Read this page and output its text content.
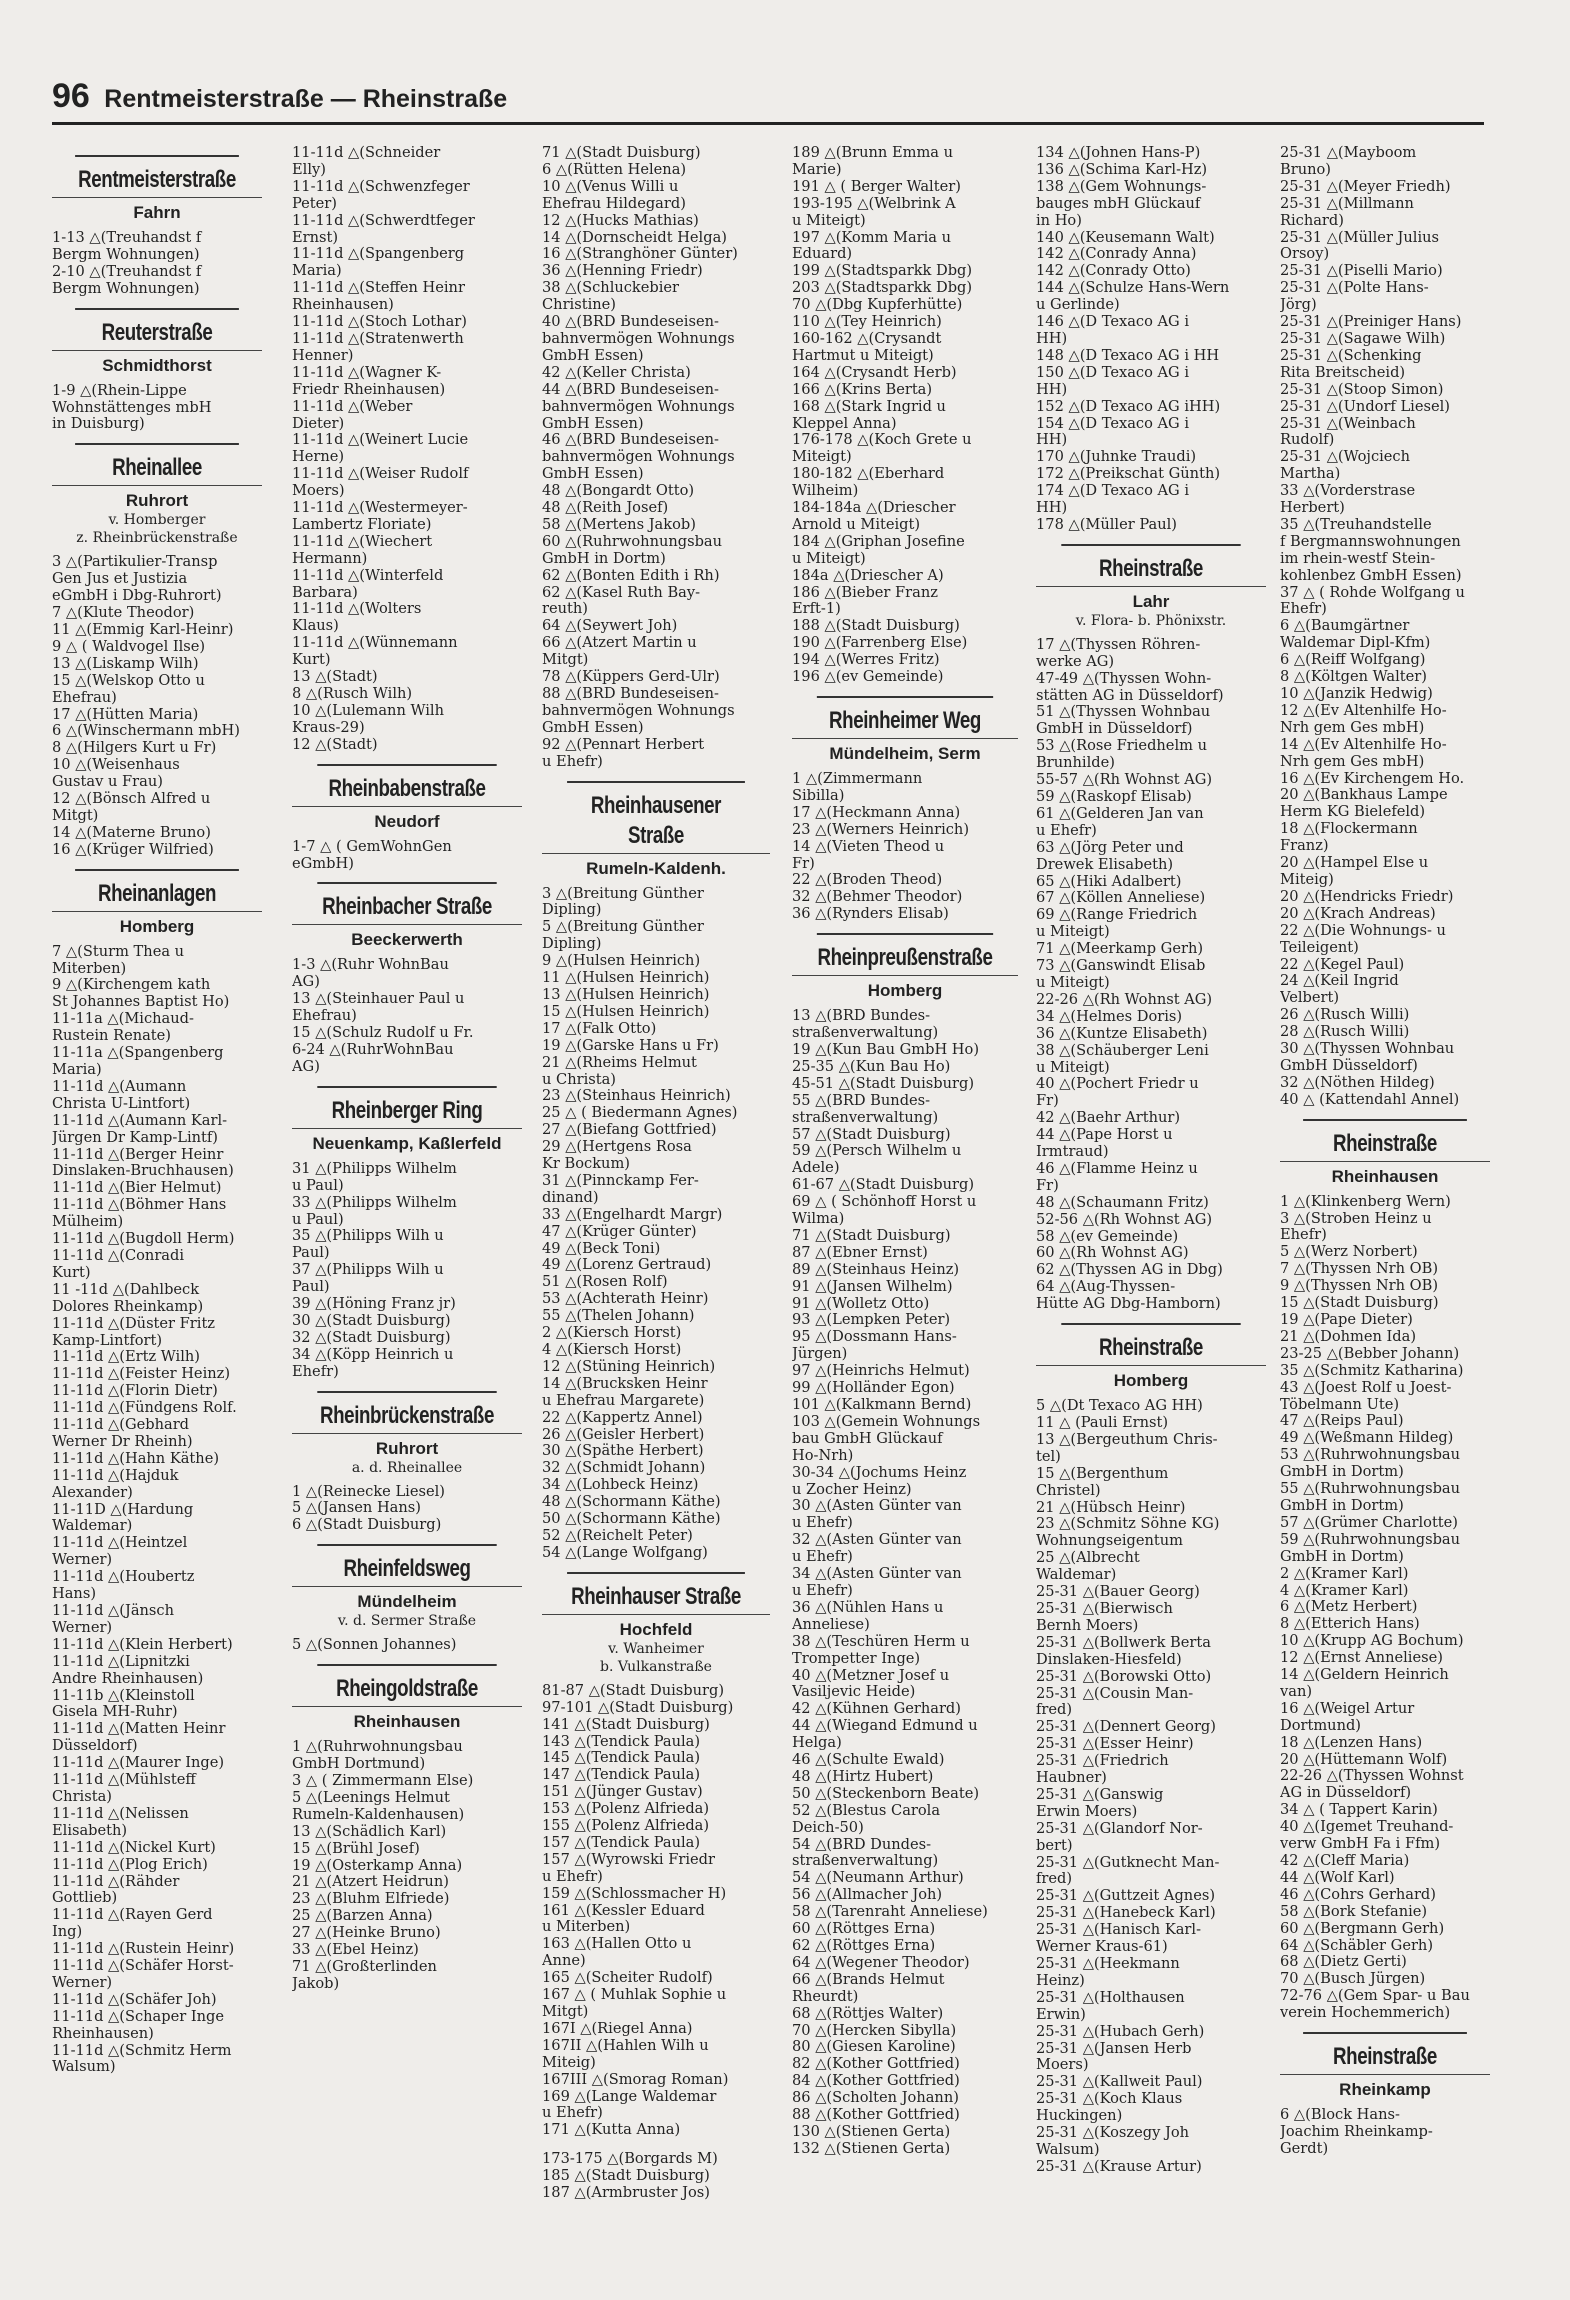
96 Rentmeisterstraße — Rheinstraße
Rentmeisterstraße
Fahrn
1-13 △(Treuhandst f
Bergm Wohnungen)
2-10 △(Treuhandst f
Bergm Wohnungen)
Reuterstraße
Schmidthorst
1-9 △(Rhein-Lippe
Wohnstättenges mbH
in Duisburg)
Rheinallee
Ruhrort
v. Homberger
z. Rheinbrückenstraße
3 △(Partikulier-Transp
Gen Jus et Justizia
eGmbH i Dbg-Ruhrort)
7 △(Klute Theodor)
11 △(Emmig Karl-Heinr)
9 △ ( Waldvogel Ilse)
13 △(Liskamp Wilh)
15 △(Welskop Otto u
Ehefrau)
17 △(Hütten Maria)
6 △(Winschermann mbH)
8 △(Hilgers Kurt u Fr)
10 △(Weisenhaus
Gustav u Frau)
12 △(Bönsch Alfred u
Mitgt)
14 △(Materne Bruno)
16 △(Krüger Wilfried)
Rheinanlagen
Homberg
7 △(Sturm Thea u
Miterben)
9 △(Kirchengem kath
St Johannes Baptist Ho)
11-11a △(Michaud-
Rustein Renate)
11-11a △(Spangenberg
Maria)
11-11d △(Aumann
Christa U-Lintfort)
11-11d △(Aumann Karl-
Jürgen Dr Kamp-Lintf)
11-11d △(Berger Heinr
Dinslaken-Bruchhausen)
11-11d △(Bier Helmut)
11-11d △(Böhmer Hans
Mülheim)
11-11d △(Bugdoll Herm)
11-11d △(Conradi
Kurt)
11 -11d △(Dahlbeck
Dolores Rheinkamp)
11-11d △(Düster Fritz
Kamp-Lintfort)
11-11d △(Ertz Wilh)
11-11d △(Feister Heinz)
11-11d △(Florin Dietr)
11-11d △(Fündgens Rolf.
11-11d △(Gebhard
Werner Dr Rheinh)
11-11d △(Hahn Käthe)
11-11d △(Hajduk
Alexander)
11-11D △(Hardung
Waldemar)
11-11d △(Heintzel
Werner)
11-11d △(Houbertz
Hans)
11-11d △(Jänsch
Werner)
11-11d △(Klein Herbert)
11-11d △(Lipnitzki
Andre Rheinhausen)
11-11b △(Kleinstoll
Gisela MH-Ruhr)
11-11d △(Matten Heinr
Düsseldorf)
11-11d △(Maurer Inge)
11-11d △(Mühlsteff
Christa)
11-11d △(Nelissen
Elisabeth)
11-11d △(Nickel Kurt)
11-11d △(Plog Erich)
11-11d △(Rähder
Gottlieb)
11-11d △(Rayen Gerd
Ing)
11-11d △(Rustein Heinr)
11-11d △(Schäfer Horst-
Werner)
11-11d △(Schäfer Joh)
11-11d △(Schaper Inge
Rheinhausen)
11-11d △(Schmitz Herm
Walsum)
11-11d △(Schneider
Elly)
11-11d △(Schwenzfeger
Peter)
11-11d △(Schwerdtfeger
Ernst)
11-11d △(Spangenberg
Maria)
11-11d △(Steffen Heinr
Rheinhausen)
11-11d △(Stoch Lothar)
11-11d △(Stratenwerth
Henner)
11-11d △(Wagner K-
Friedr Rheinhausen)
11-11d △(Weber
Dieter)
11-11d △(Weinert Lucie
Herne)
11-11d △(Weiser Rudolf
Moers)
11-11d △(Westermeyer-
Lambertz Floriate)
11-11d △(Wiechert
Hermann)
11-11d △(Winterfeld
Barbara)
11-11d △(Wolters
Klaus)
11-11d △(Wünnemann
Kurt)
13 △(Stadt)
8 △(Rusch Wilh)
10 △(Lulemann Wilh
Kraus-29)
12 △(Stadt)
Rheinbabenstraße
Neudorf
1-7 △ ( GemWohnGen
eGmbH)
Rheinbacher Straße
Beeckerwerth
1-3 △(Ruhr WohnBau
AG)
13 △(Steinhauer Paul u
Ehefrau)
15 △(Schulz Rudolf u Fr.
6-24 △(RuhrWohnBau
AG)
Rheinberger Ring
Neuenkamp, Kaßlerfeld
31 △(Philipps Wilhelm
u Paul)
33 △(Philipps Wilhelm
u Paul)
35 △(Philipps Wilh u
Paul)
37 △(Philipps Wilh u
Paul)
39 △(Höning Franz jr)
30 △(Stadt Duisburg)
32 △(Stadt Duisburg)
34 △(Köpp Heinrich u
Ehefr)
Rheinbrückenstraße
Ruhrort
a. d. Rheinallee
1 △(Reinecke Liesel)
5 △(Jansen Hans)
6 △(Stadt Duisburg)
Rheinfeldsweg
Mündelheim
v. d. Sermer Straße
5 △(Sonnen Johannes)
Rheingoldstraße
Rheinhausen
1 △(Ruhrwohnungsbau
GmbH Dortmund)
3 △ ( Zimmermann Else)
5 △(Leenings Helmut
Rumeln-Kaldenhausen)
13 △(Schädlich Karl)
15 △(Brühl Josef)
19 △(Osterkamp Anna)
21 △(Atzert Heidrun)
23 △(Bluhm Elfriede)
25 △(Barzen Anna)
27 △(Heinke Bruno)
33 △(Ebel Heinz)
71 △(Großterlinden
Jakob)
71 △(Stadt Duisburg)
6 △(Rütten Helena)
10 △(Venus Willi u
Ehefrau Hildegard)
12 △(Hucks Mathias)
14 △(Dornscheidt Helga)
16 △(Stranghöner Günter)
36 △(Henning Friedr)
38 △(Schluckebier
Christine)
40 △(BRD Bundeseisen-
bahnvermögen Wohnungs
GmbH Essen)
42 △(Keller Christa)
44 △(BRD Bundeseisen-
bahnvermögen Wohnungs
GmbH Essen)
46 △(BRD Bundeseisen-
bahnvermögen Wohnungs
GmbH Essen)
48 △(Bongardt Otto)
48 △(Reith Josef)
58 △(Mertens Jakob)
60 △(Ruhrwohnungsbau
GmbH in Dortm)
62 △(Bonten Edith i Rh)
62 △(Kasel Ruth Bay-
reuth)
64 △(Seywert Joh)
66 △(Atzert Martin u
Mitgt)
78 △(Küppers Gerd-Ulr)
88 △(BRD Bundeseisen-
bahnvermögen Wohnungs
GmbH Essen)
92 △(Pennart Herbert
u Ehefr)
Rheinhausener Straße
Rumeln-Kaldenh.
3 △(Breitung Günther
Dipling)
5 △(Breitung Günther
Dipling)
9 △(Hulsen Heinrich)
11 △(Hulsen Heinrich)
13 △(Hulsen Heinrich)
15 △(Hulsen Heinrich)
17 △(Falk Otto)
19 △(Garske Hans u Fr)
21 △(Rheims Helmut
u Christa)
23 △(Steinhaus Heinrich)
25 △ ( Biedermann Agnes)
27 △(Biefang Gottfried)
29 △(Hertgens Rosa
Kr Bockum)
31 △(Pinnckamp Fer-
dinand)
33 △(Engelhardt Margr)
47 △(Krüger Günter)
49 △(Beck Toni)
49 △(Lorenz Gertraud)
51 △(Rosen Rolf)
53 △(Achterath Heinr)
55 △(Thelen Johann)
2 △(Kiersch Horst)
4 △(Kiersch Horst)
12 △(Stüning Heinrich)
14 △(Brucksken Heinr
u Ehefrau Margarete)
22 △(Kappertz Annel)
26 △(Geisler Herbert)
30 △(Späthe Herbert)
32 △(Schmidt Johann)
34 △(Lohbeck Heinz)
48 △(Schormann Käthe)
50 △(Schormann Käthe)
52 △(Reichelt Peter)
54 △(Lange Wolfgang)
Rheinhauser Straße
Hochfeld
v. Wanheimer
b. Vulkanstraße
81-87 △(Stadt Duisburg)
97-101 △(Stadt Duisburg)
141 △(Stadt Duisburg)
143 △(Tendick Paula)
145 △(Tendick Paula)
147 △(Tendick Paula)
151 △(Jünger Gustav)
153 △(Polenz Alfrieda)
155 △(Polenz Alfrieda)
157 △(Tendick Paula)
157 △(Wyrowski Friedr
u Ehefr)
159 △(Schlossmacher H)
161 △(Kessler Eduard
u Miterben)
163 △(Hallen Otto u
Anne)
165 △(Scheiter Rudolf)
167 △ ( Muhlak Sophie u
Mitgt)
167I △(Riegel Anna)
167II △(Hahlen Wilh u
Miteig)
167III △(Smorag Roman)
169 △(Lange Waldemar
u Ehefr)
171 △(Kutta Anna)
173-175 △(Borgards M)
185 △(Stadt Duisburg)
187 △(Armbruster Jos)
189 △(Brunn Emma u
Marie)
191 △ ( Berger Walter)
193-195 △(Welbrink A
u Miteigt)
197 △(Komm Maria u
Eduard)
199 △(Stadtsparkk Dbg)
203 △(Stadtsparkk Dbg)
70 △(Dbg Kupferhütte)
110 △(Tey Heinrich)
160-162 △(Crysandt
Hartmut u Miteigt)
164 △(Crysandt Herb)
166 △(Krins Berta)
168 △(Stark Ingrid u
Kleppel Anna)
176-178 △(Koch Grete u
Miteigt)
180-182 △(Eberhard
Wilheim)
184-184a △(Driescher
Arnold u Miteigt)
184 △(Griphan Josefine
u Miteigt)
184a △(Driescher A)
186 △(Bieber Franz
Erft-1)
188 △(Stadt Duisburg)
190 △(Farrenberg Else)
194 △(Werres Fritz)
196 △(ev Gemeinde)
Rheinheimer Weg
Mündelheim, Serm
1 △(Zimmermann
Sibilla)
17 △(Heckmann Anna)
23 △(Werners Heinrich)
14 △(Vieten Theod u
Fr)
22 △(Broden Theod)
32 △(Behmer Theodor)
36 △(Rynders Elisab)
Rheinpreußenstraße
Homberg
13 △(BRD Bundes-
straßenverwaltung)
19 △(Kun Bau GmbH Ho)
25-35 △(Kun Bau Ho)
45-51 △(Stadt Duisburg)
55 △(BRD Bundes-
straßenverwaltung)
57 △(Stadt Duisburg)
59 △(Persch Wilhelm u
Adele)
61-67 △(Stadt Duisburg)
69 △ ( Schönhoff Horst u
Wilma)
71 △(Stadt Duisburg)
87 △(Ebner Ernst)
89 △(Steinhaus Heinz)
91 △(Jansen Wilhelm)
91 △(Wolletz Otto)
93 △(Lempken Peter)
95 △(Dossmann Hans-
Jürgen)
97 △(Heinrichs Helmut)
99 △(Holländer Egon)
101 △(Kalkmann Bernd)
103 △(Gemein Wohnungs
bau GmbH Glückauf
Ho-Nrh)
30-34 △(Jochums Heinz
u Zocher Heinz)
30 △(Asten Günter van
u Ehefr)
32 △(Asten Günter van
u Ehefr)
34 △(Asten Günter van
u Ehefr)
36 △(Nühlen Hans u
Anneliese)
38 △(Teschüren Herm u
Trompetter Inge)
40 △(Metzner Josef u
Vasiljevic Heide)
42 △(Kühnen Gerhard)
44 △(Wiegand Edmund u
Helga)
46 △(Schulte Ewald)
48 △(Hirtz Hubert)
50 △(Steckenborn Beate)
52 △(Blestus Carola
Deich-50)
54 △(BRD Dundes-
straßenverwaltung)
54 △(Neumann Arthur)
56 △(Allmacher Joh)
58 △(Tarenraht Anneliese)
60 △(Röttges Erna)
62 △(Röttges Erna)
64 △(Wegener Theodor)
66 △(Brands Helmut
Rheurdt)
68 △(Röttjes Walter)
70 △(Hercken Sibylla)
80 △(Giesen Karoline)
82 △(Kother Gottfried)
84 △(Kother Gottfried)
86 △(Scholten Johann)
88 △(Kother Gottfried)
130 △(Stienen Gerta)
132 △(Stienen Gerta)
134 △(Johnen Hans-P)
136 △(Schima Karl-Hz)
138 △(Gem Wohnungs-
bauges mbH Glückauf
in Ho)
140 △(Keusemann Walt)
142 △(Conrady Anna)
142 △(Conrady Otto)
144 △(Schulze Hans-Wern
u Gerlinde)
146 △(D Texaco AG i
HH)
148 △(D Texaco AG i HH
150 △(D Texaco AG i
HH)
152 △(D Texaco AG iHH)
154 △(D Texaco AG i
HH)
170 △(Juhnke Traudi)
172 △(Preikschat Günth)
174 △(D Texaco AG i
HH)
178 △(Müller Paul)
Rheinstraße
Lahr
v. Flora- b. Phönixstr.
17 △(Thyssen Röhren-
werke AG)
47-49 △(Thyssen Wohn-
stätten AG in Düsseldorf)
51 △(Thyssen Wohnbau
GmbH in Düsseldorf)
53 △(Rose Friedhelm u
Brunhilde)
55-57 △(Rh Wohnst AG)
59 △(Raskopf Elisab)
61 △(Gelderen Jan van
u Ehefr)
63 △(Jörg Peter und
Drewek Elisabeth)
65 △(Hiki Adalbert)
67 △(Köllen Anneliese)
69 △(Range Friedrich
u Miteigt)
71 △(Meerkamp Gerh)
73 △(Ganswindt Elisab
u Miteigt)
22-26 △(Rh Wohnst AG)
34 △(Helmes Doris)
36 △(Kuntze Elisabeth)
38 △(Schäuberger Leni
u Miteigt)
40 △(Pochert Friedr u
Fr)
42 △(Baehr Arthur)
44 △(Pape Horst u
Irmtraud)
46 △(Flamme Heinz u
Fr)
48 △(Schaumann Fritz)
52-56 △(Rh Wohnst AG)
58 △(ev Gemeinde)
60 △(Rh Wohnst AG)
62 △(Thyssen AG in Dbg)
64 △(Aug-Thyssen-
Hütte AG Dbg-Hamborn)
Rheinstraße
Homberg
5 △(Dt Texaco AG HH)
11 △ (Pauli Ernst)
13 △(Bergeuthum Chris-
tel)
15 △(Bergenthum
Christel)
21 △(Hübsch Heinr)
23 △(Schmitz Söhne KG)
Wohnungseigentum
25 △(Albrecht
Waldemar)
25-31 △(Bauer Georg)
25-31 △(Bierwisch
Bernh Moers)
25-31 △(Bollwerk Berta
Dinslaken-Hiesfeld)
25-31 △(Borowski Otto)
25-31 △(Cousin Man-
fred)
25-31 △(Dennert Georg)
25-31 △(Esser Heinr)
25-31 △(Friedrich
Haubner)
25-31 △(Ganswig
Erwin Moers)
25-31 △(Glandorf Nor-
bert)
25-31 △(Gutknecht Man-
fred)
25-31 △(Guttzeit Agnes)
25-31 △(Hanebeck Karl)
25-31 △(Hanisch Karl-
Werner Kraus-61)
25-31 △(Heekmann
Heinz)
25-31 △(Holthausen
Erwin)
25-31 △(Hubach Gerh)
25-31 △(Jansen Herb
Moers)
25-31 △(Kallweit Paul)
25-31 △(Koch Klaus
Huckingen)
25-31 △(Koszegy Joh
Walsum)
25-31 △(Krause Artur)
25-31 △(Mayboom
Bruno)
25-31 △(Meyer Friedh)
25-31 △(Millmann
Richard)
25-31 △(Müller Julius
Orsoy)
25-31 △(Piselli Mario)
25-31 △(Polte Hans-
Jörg)
25-31 △(Preiniger Hans)
25-31 △(Sagawe Wilh)
25-31 △(Schenking
Rita Breitscheid)
25-31 △(Stoop Simon)
25-31 △(Undorf Liesel)
25-31 △(Weinbach
Rudolf)
25-31 △(Wojciech
Martha)
33 △(Vorderstrase
Herbert)
35 △(Treuhandstelle
f Bergmannswohnungen
im rhein-westf Stein-
kohlenbez GmbH Essen)
37 △ ( Rohde Wolfgang u
Ehefr)
6 △(Baumgärtner
Waldemar Dipl-Kfm)
6 △(Reiff Wolfgang)
8 △(Költgen Walter)
10 △(Janzik Hedwig)
12 △(Ev Altenhilfe Ho-
Nrh gem Ges mbH)
14 △(Ev Altenhilfe Ho-
Nrh gem Ges mbH)
16 △(Ev Kirchengem Ho.
20 △(Bankhaus Lampe
Herm KG Bielefeld)
18 △(Flockermann
Franz)
20 △(Hampel Else u
Miteig)
20 △(Hendricks Friedr)
20 △(Krach Andreas)
22 △(Die Wohnungs- u
Teileigent)
22 △(Kegel Paul)
24 △(Keil Ingrid
Velbert)
26 △(Rusch Willi)
28 △(Rusch Willi)
30 △(Thyssen Wohnbau
GmbH Düsseldorf)
32 △(Nöthen Hildeg)
40 △ (Kattendahl Annel)
Rheinstraße
Rheinhausen
1 △(Klinkenberg Wern)
3 △(Stroben Heinz u
Ehefr)
5 △(Werz Norbert)
7 △(Thyssen Nrh OB)
9 △(Thyssen Nrh OB)
15 △(Stadt Duisburg)
19 △(Pape Dieter)
21 △(Dohmen Ida)
23-25 △(Bebber Johann)
35 △(Schmitz Katharina)
43 △(Joest Rolf u Joest-
Töbelmann Ute)
47 △(Reips Paul)
49 △(Weßmann Hildeg)
53 △(Ruhrwohnungsbau
GmbH in Dortm)
55 △(Ruhrwohnungsbau
GmbH in Dortm)
57 △(Grümer Charlotte)
59 △(Ruhrwohnungsbau
GmbH in Dortm)
2 △(Kramer Karl)
4 △(Kramer Karl)
6 △(Metz Herbert)
8 △(Etterich Hans)
10 △(Krupp AG Bochum)
12 △(Ernst Anneliese)
14 △(Geldern Heinrich
van)
16 △(Weigel Artur
Dortmund)
18 △(Lenzen Hans)
20 △(Hüttemann Wolf)
22-26 △(Thyssen Wohnst
AG in Düsseldorf)
34 △ ( Tappert Karin)
40 △(Igemet Treuhand-
verw GmbH Fa i Ffm)
42 △(Cleff Maria)
44 △(Wolf Karl)
46 △(Cohrs Gerhard)
58 △(Bork Stefanie)
60 △(Bergmann Gerh)
64 △(Schäbler Gerh)
68 △(Dietz Gerti)
70 △(Busch Jürgen)
72-76 △(Gem Spar- u Bau
verein Hochemmerich)
Rheinstraße
Rheinkamp
6 △(Block Hans-
Joachim Rheinkamp-
Gerdt)
